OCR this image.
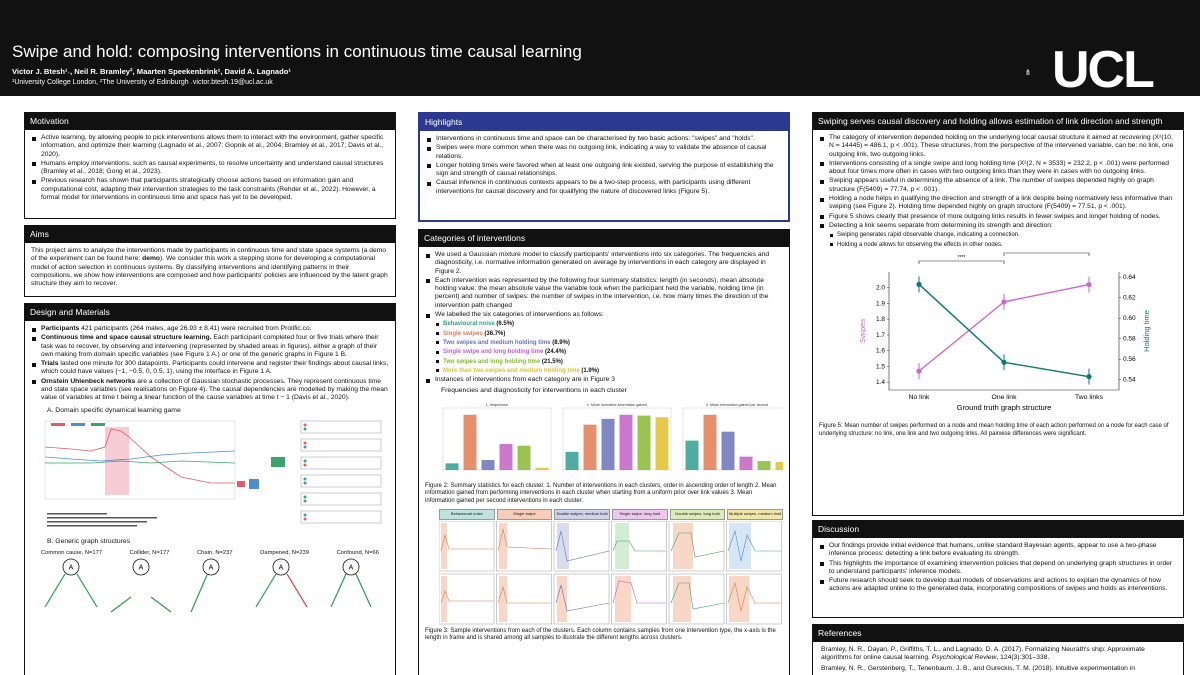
Swipe and hold: composing interventions in continuous time causal learning
Victor J. Btesh¹˒, Neil R. Bramley², Maarten Speekenbrink¹, David A. Lagnado¹
¹University College London, ²The University of Edinburgh ˒victor.btesh.19@ucl.ac.uk	UCL
Motivation
Active learning, by allowing people to pick interventions allows them to interact with the environment, gather specific information, and optimize their learning (Lagnado et al., 2007; Gopnik et al., 2004; Bramley et al., 2017; Davis et al., 2020).
Humans employ interventions, such as causal experiments, to resolve uncertainty and understand causal structures (Bramley et al., 2018; Gong et al., 2023).
Previous research has shown that participants strategically choose actions based on information gain and computational cost, adapting their intervention strategies to the task constraints (Rehder et al., 2022). However, a formal model for interventions in continuous time and space has yet to be developed.
Aims

This project aims to analyze the interventions made by participants in continuous time and state space systems (a demo of the experiment can be found here: demo). We consider this work a stepping stone for developing a computational model of action selection in continuous systems. By classifying interventions and identifying patterns in their compositions, we show how interventions are composed and how participants' policies are influenced by the latent graph structure they aim to recover.

Design and Materials
Participants 421 participants (264 males, age 26.93 ± 8.41) were recruited from Prolific.co.
Continuous time and space causal structure learning. Each participant completed four or five trials where their task was to recover, by observing and intervening (represented by shaded areas in figures), either a graph of their own making from domain specific variables (see Figure 1 A.) or one of the generic graphs in Figure 1 B.
Trials lasted one minute for 300 datapoints. Participants could intervene and register their findings about causal links, which could have values {−1, −0.5, 0, 0.5, 1}, using the interface in Figure 1 A.
Ornstein Uhlenbeck networks are a collection of Gaussian stochastic processes. They represent continuous time and state space variables (see realisations on Figure 4). The causal dependencies are modelled by making the mean value of variables at time t being a linear function of the cause variables at time t − 1 (Davis et al., 2020).
A. Domain specific dynamical learning game
B. Generic graph structures
Common cause, N=177	Collider, N=177	Chain, N=237	Dampened, N=239	Confound, N=66
A	A	A	A	A
Highlights
Interventions in continuous time and space can be characterised by two basic actions: "swipes" and "holds".
Swipes were more common when there was no outgoing link, indicating a way to validate the absence of causal relations.
Longer holding times were favored when at least one outgoing link existed, serving the purpose of establishing the sign and strength of causal relationships.
Causal inference in continuous contexts appears to be a two-step process, with participants using different interventions for causal discovery and for qualifying the nature of discovered links (Figure 5).
Categories of interventions
We used a Gaussian mixture model to classify participants' interventions into six categories. The frequencies and diagnosticity, i.e. normative information generated on average by interventions in each category are displayed in Figure 2.
Each intervention was represented by the following four summary statistics: length (in seconds), mean absolute holding value: the mean absolute value the variable took when the participant held the variable, holding time (in percent) and number of swipes: the number of swipes in the intervention, i.e. how many times the direction of the intervention path changed
We labelled the six categories of interventions as follows:
Behavioural noise (6.5%)
Single swipes (36.7%)
Two swipes and medium holding time (8.9%)
Single swipe and long holding time (24.4%)
Two swipes and long holding time (21.5%)
More than two swipes and medium holding time (1.9%)
Instances of interventions from each category are in Figure 3
Frequencies and diagnosticity for interventions in each cluster
1. frequencies	2. Mean normative information gained	3. Mean information gained per second
Figure 2: Summary statistics for each cluster. 1. Number of interventions in each clusters, order in ascending order of length 2. Mean information gained from performing interventions in each cluster when starting from a uniform prior over link values 3. Mean information gained per second interventions in each cluster.
Behavioural noise	Single swipe	Double swipes, medium hold	Single swipe, long hold	Double swipes, long hold	Multiple swipes, medium hold
Figure 3: Sample interventions from each of the clusters. Each column contains samples from one intervention type, the x-axis is the length in frame and is shared among all samples to illustrate the different lengths across clusters.
Swiping serves causal discovery and holding allows estimation of link direction and strength
The category of intervention depended holding on the underlying local causal structure it aimed at recovering (X²(10, N = 14445) = 486.1, p < .001). These structures, from the perspective of the intervened variable, can be: no link, one outgoing link, two outgoing links.
Interventions consisting of a single swipe and long holding time (X²(2, N = 3533) = 232.2, p < .001) were performed about four times more often in cases with two outgoing links than they were in cases with no outgoing links.
Swiping appears useful in determining the absence of a link. The number of swipes depended highly on graph structure (F(5409) = 77.74, p < .001).
Holding a node helps in qualifying the direction and strength of a link despite being normatively less informative than swiping (see Figure 2). Holding time depended highly on graph structure (F(5409) = 77.51, p < .001).
Figure 5 shows clearly that presence of more outgoing links results in fewer swipes and longer holding of nodes.
Detecting a link seems separate from determining its strength and direction:
Swiping generates rapid observable change, indicating a connection.
Holding a node allows for observing the effects in other nodes.
1.4
1.5
1.6
1.7
1.8
1.9
2.0
0.54
0.56
0.58
0.60
0.62
0.64
No link	One link	Two links
Ground truth graph structure
Swipes	Holding time
****
****
Figure 5: Mean number of swipes performed on a node and mean holding time of each action performed on a node for each case of underlying structure: no link, one link and two outgoing links. All pairwise differences were significant.
Discussion
Our findings provide initial evidence that humans, unlike standard Bayesian agents, appear to use a two-phase inference process: detecting a link before evaluating its strength.
This highlights the importance of examining intervention policies that depend on underlying graph structures in order to understand participants' inference models.
Future research should seek to develop dual models of observations and actions to explain the dynamics of how actions are adapted online to the generated data, incorporating compositions of swipes and holds as interventions.
References

Bramley, N. R., Dayan, P., Griffiths, T. L., and Lagnado, D. A. (2017). Formalizing Neurath's ship: Approximate algorithms for online causal learning. Psychological Review, 124(3):301–338.

Bramley, N. R., Gerstenberg, T., Tenenbaum, J. B., and Gureckis, T. M. (2018). Intuitive experimentation in
